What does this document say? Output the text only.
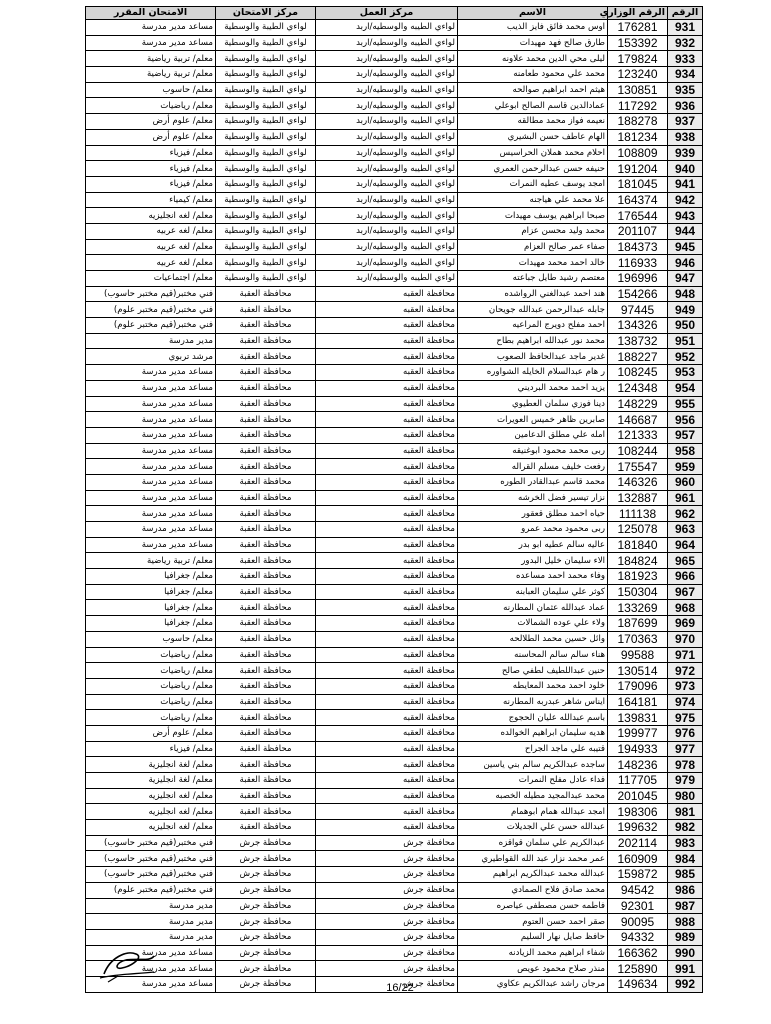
الرقم	الرقم الوزاري	الاسم	مركز العمل	مركز الامتحان	الامتحان المقرر
931	176281	اوس محمد فائق فايز الذيب	لواءي الطيبه والوسطيه/اربد	لواءي الطيبة والوسطية	مساعد مدير مدرسة
932	153392	طارق صالح فهد مهيدات	لواءي الطيبه والوسطيه/اربد	لواءي الطيبة والوسطية	مساعد مدير مدرسة
933	179824	ليلى محي الدين محمد علاونه	لواءي الطيبه والوسطيه/اربد	لواءي الطيبة والوسطية	معلم/ تربية رياضية
934	123240	محمد علي محمود طعامنه	لواءي الطيبه والوسطيه/اربد	لواءي الطيبة والوسطية	معلم/ تربية رياضية
935	130851	هيثم احمد ابراهيم صوالحه	لواءي الطيبه والوسطيه/اربد	لواءي الطيبة والوسطية	معلم/ حاسوب
936	117292	عمادالدين قاسم الصالح ابوعلي	لواءي الطيبه والوسطيه/اربد	لواءي الطيبة والوسطية	معلم/ رياضيات
937	188278	نعيمه فواز محمد مطالقه	لواءي الطيبه والوسطيه/اربد	لواءي الطيبة والوسطية	معلم/ علوم أرض
938	181234	الهام عاطف حسن البشيري	لواءي الطيبه والوسطيه/اربد	لواءي الطيبة والوسطية	معلم/ علوم أرض
939	108809	احلام محمد هملان الحراسيس	لواءي الطيبه والوسطيه/اربد	لواءي الطيبة والوسطية	معلم/ فيزياء
940	191204	حنيفه حسن عبدالرحمن العمري	لواءي الطيبه والوسطيه/اربد	لواءي الطيبة والوسطية	معلم/ فيزياء
941	181045	امجد يوسف عطيه النمرات	لواءي الطيبه والوسطيه/اربد	لواءي الطيبة والوسطية	معلم/ فيزياء
942	164374	علا محمد علي هياجنه	لواءي الطيبه والوسطيه/اربد	لواءي الطيبة والوسطية	معلم/ كيمياء
943	176544	صبحا ابراهيم يوسف مهيدات	لواءي الطيبه والوسطيه/اربد	لواءي الطيبة والوسطية	معلم/ لغه انجليزيه
944	201107	محمد وليد محسن عزام	لواءي الطيبه والوسطيه/اربد	لواءي الطيبة والوسطية	معلم/ لغه عربيه
945	184373	صفاء عمر صالح العزام	لواءي الطيبه والوسطيه/اربد	لواءي الطيبة والوسطية	معلم/ لغه عربيه
946	116933	خالد احمد محمد مهيدات	لواءي الطيبه والوسطيه/اربد	لواءي الطيبة والوسطية	معلم/ لغه عربيه
947	196996	معتصم رشيد طايل جباعته	لواءي الطيبه والوسطيه/اربد	لواءي الطيبة والوسطية	معلم/ اجتماعيات
948	154266	هند احمد عبدالغني الرواشده	محافظة العقبه	محافظة العقبة	فني مختبر(قيم مختبر حاسوب)
949	97445	جابله عبدالرحمن عبدالله جويحان	محافظة العقبه	محافظة العقبة	فني مختبر(قيم مختبر علوم)
950	134326	احمد مفلح دويرج المراعيه	محافظة العقبه	محافظة العقبة	فني مختبر(قيم مختبر علوم)
951	138732	محمد نور عبدالله ابراهيم بطاح	محافظة العقبه	محافظة العقبة	مدير مدرسة
952	188227	غدير ماجد عبدالحافظ الصعوب	محافظة العقبه	محافظة العقبة	مرشد تربوي
953	108245	ر هام عبدالسلام الخايله الشواوره	محافظة العقبه	محافظة العقبة	مساعد مدير مدرسة
954	124348	يزيد احمد محمد البرديني	محافظة العقبه	محافظة العقبة	مساعد مدير مدرسة
955	148229	دينا فوزي سلمان العطيوي	محافظة العقبه	محافظة العقبة	مساعد مدير مدرسة
956	146687	صابرين ظاهر خميس العويرات	محافظة العقبه	محافظة العقبة	مساعد مدير مدرسة
957	121333	امله علي مطلق الدعامين	محافظة العقبه	محافظة العقبة	مساعد مدير مدرسة
958	108244	ربى محمد محمود ابوغنيقه	محافظة العقبه	محافظة العقبة	مساعد مدير مدرسة
959	175547	رفعت خليف مسلم القراله	محافظة العقبه	محافظة العقبة	مساعد مدير مدرسة
960	146326	محمد قاسم عبدالقادر الطوره	محافظة العقبه	محافظة العقبة	مساعد مدير مدرسة
961	132887	نزار تيسير فضل الخرشه	محافظة العقبه	محافظة العقبة	مساعد مدير مدرسة
962	111138	حياه احمد مطلق قعقور	محافظة العقبه	محافظة العقبة	مساعد مدير مدرسة
963	125078	ربى محمود محمد عمرو	محافظة العقبه	محافظة العقبة	مساعد مدير مدرسة
964	181840	عاليه سالم عطيه ابو بدر	محافظة العقبه	محافظة العقبة	مساعد مدير مدرسة
965	184824	الاء سليمان خليل البدور	محافظة العقبه	محافظة العقبة	معلم/ تربية رياضية
966	181923	وفاء محمد احمد مساعده	محافظة العقبه	محافظة العقبة	معلم/ جغرافيا
967	150304	كوثر علي سليمان العبابنه	محافظة العقبه	محافظة العقبة	معلم/ جغرافيا
968	133269	عماد عبدالله عثمان المطارنه	محافظة العقبه	محافظة العقبة	معلم/ جغرافيا
969	187699	ولاء علي عوده الشمالات	محافظة العقبه	محافظة العقبة	معلم/ جغرافيا
970	170363	وائل حسين محمد الطلالحه	محافظة العقبه	محافظة العقبة	معلم/ حاسوب
971	99588	هناء سالم سالم المحاسنه	محافظة العقبه	محافظة العقبة	معلم/ رياضيات
972	130514	حنين عبداللطيف لطفي صالح	محافظة العقبه	محافظة العقبة	معلم/ رياضيات
973	179096	خلود احمد محمد المعايطه	محافظة العقبه	محافظة العقبة	معلم/ رياضيات
974	164181	ايناس شاهر عبدربه المطارنه	محافظة العقبه	محافظة العقبة	معلم/ رياضيات
975	139831	باسم عبدالله عليان الحجوج	محافظة العقبه	محافظة العقبة	معلم/ رياضيات
976	199977	هديه سليمان ابراهيم الخوالده	محافظة العقبه	محافظة العقبة	معلم/ علوم أرض
977	194933	قتيبه علي ماجد الجراح	محافظة العقبه	محافظة العقبة	معلم/ فيزياء
978	148236	ساجده عبدالكريم سالم بني ياسين	محافظة العقبه	محافظة العقبة	معلم/ لغة انجليزية
979	117705	فداء عادل مفلح النمرات	محافظة العقبه	محافظة العقبة	معلم/ لغة انجليزية
980	201045	محمد عبدالمجيد مطيله الخصبه	محافظة العقبه	محافظة العقبة	معلم/ لغه انجليزيه
981	198306	امجد عبدالله همام ابوهمام	محافظة العقبه	محافظة العقبة	معلم/ لغه انجليزيه
982	199632	عبدالله حسن علي الجديلات	محافظة العقبه	محافظة العقبة	معلم/ لغه انجليزيه
983	202114	عبدالكريم علي سلمان قواقزه	محافظة جرش	محافظة جرش	فني مختبر(قيم مختبر حاسوب)
984	160909	عمر محمد نزار عبد الله القواطيري	محافظة جرش	محافظة جرش	فني مختبر(قيم مختبر حاسوب)
985	159872	عبدالله محمد عبدالكريم ابراهيم	محافظة جرش	محافظة جرش	فني مختبر(قيم مختبر حاسوب)
986	94542	محمد صادق فلاح الصمادي	محافظة جرش	محافظة جرش	فني مختبر(قيم مختبر علوم)
987	92301	فاطمه حسن مصطفى عياصره	محافظة جرش	محافظة جرش	مدير مدرسة
988	90095	صقر احمد حسن العتوم	محافظة جرش	محافظة جرش	مدير مدرسة
989	94332	حافظ صايل نهار السليم	محافظة جرش	محافظة جرش	مدير مدرسة
990	166362	شفاء ابراهيم محمد الزيادنه	محافظة جرش	محافظة جرش	مساعد مدير مدرسة
991	125890	منذر صلاح محمود عويص	محافظة جرش	محافظة جرش	مساعد مدير مدرسة
992	149634	مرجان راشد عبدالكريم عكاوي	محافظة جرش	محافظة جرش	مساعد مدير مدرسة	16/22
